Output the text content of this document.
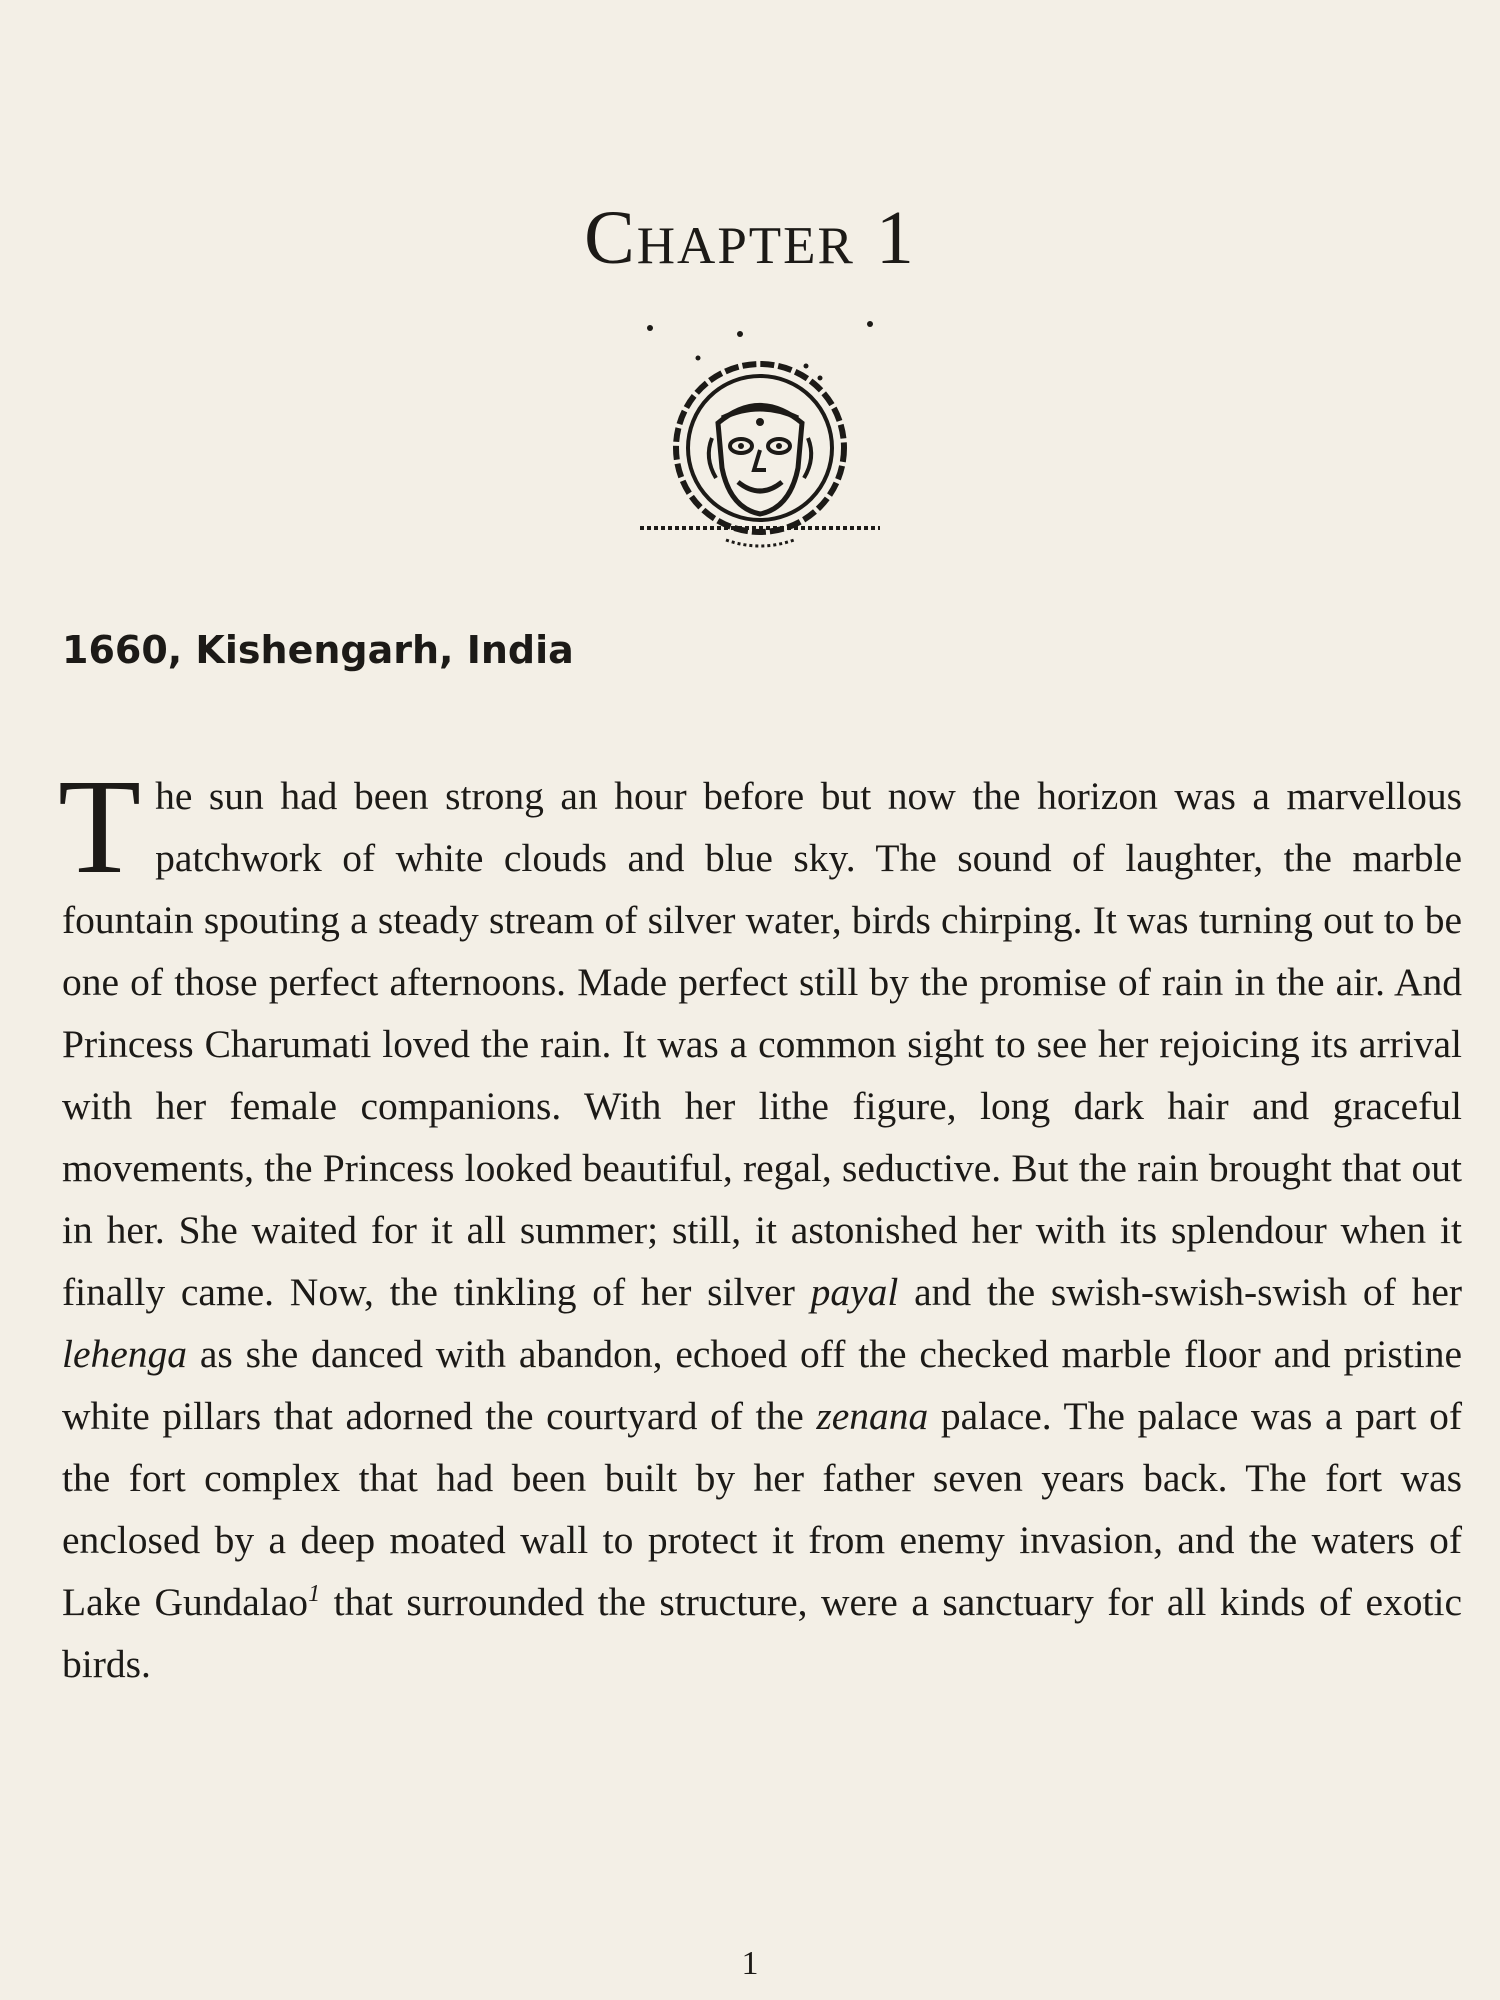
Chapter 1
1660, Kishengarh, India
The sun had been strong an hour before but now the horizon was a marvellous patchwork of white clouds and blue sky. The sound of laughter, the marble fountain spouting a steady stream of silver water, birds chirping. It was turning out to be one of those perfect afternoons. Made perfect still by the promise of rain in the air. And Princess Charumati loved the rain. It was a common sight to see her rejoicing its arrival with her female companions. With her lithe figure, long dark hair and graceful movements, the Princess looked beautiful, regal, seductive. But the rain brought that out in her. She waited for it all summer; still, it astonished her with its splendour when it finally came. Now, the tinkling of her silver payal and the swish-swish-swish of her lehenga as she danced with abandon, echoed off the checked marble floor and pristine white pillars that adorned the courtyard of the zenana palace. The palace was a part of the fort complex that had been built by her father seven years back. The fort was enclosed by a deep moated wall to protect it from enemy invasion, and the waters of Lake Gundalao$^1$ that surrounded the structure, were a sanctuary for all kinds of exotic birds.
1
